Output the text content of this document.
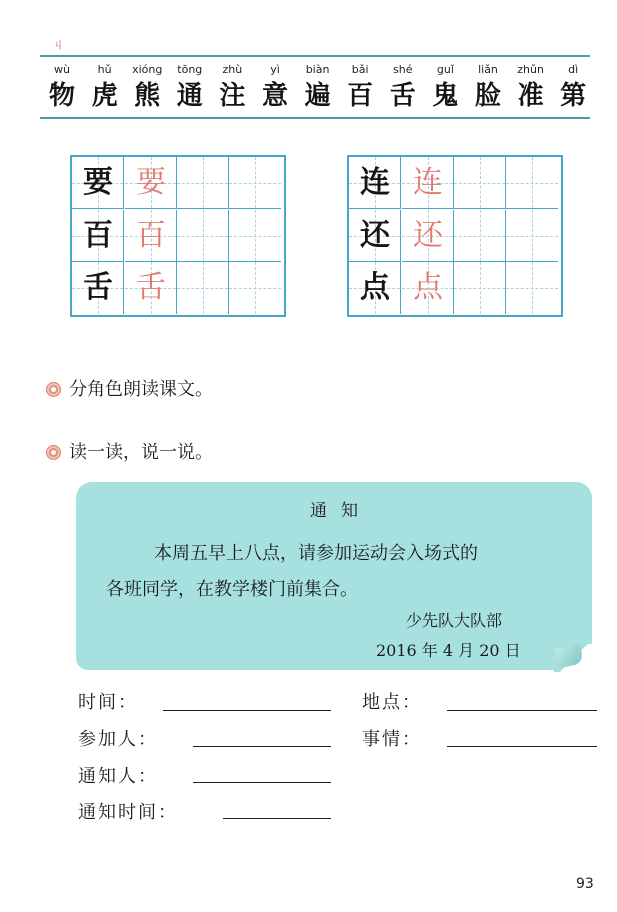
ㄐ
wù
物
hǔ
虎
xióng
熊
tōng
通
zhù
注
yì
意
biàn
遍
bǎi
百
shé
舌
guǐ
鬼
liǎn
脸
zhǔn
准
dì
第
要 要
百 百
舌 舌
连 连
还 还
点 点
分角色朗读课文。
读一读，说一说。
通知
本周五早上八点，请参加运动会入场式的
各班同学，在教学楼门前集合。
少先队大队部
2016 年 4 月 20 日
时间：	地点：
参加人：	事情：
通知人：
通知时间：
93
